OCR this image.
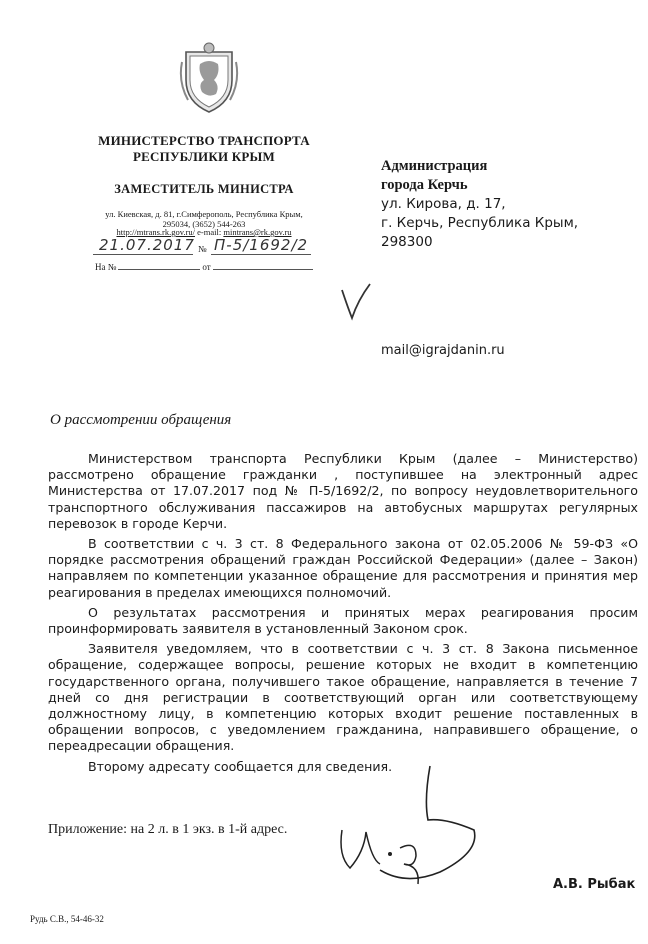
МИНИСТЕРСТВО ТРАНСПОРТА
РЕСПУБЛИКИ КРЫМ
ЗАМЕСТИТЕЛЬ МИНИСТРА
ул. Киевская, д. 81, г.Симферополь, Республика Крым,
295034, (3652) 544-263
http://mtrans.rk.gov.ru/ e-mail: mintrans@rk.gov.ru
21.07.2017 № П-5/1692/2
На №	от
Администрация
города Керчь
ул. Кирова, д. 17,
г. Керчь, Республика Крым,
298300
mail@igrajdanin.ru
О рассмотрении обращения

Министерством транспорта Республики Крым (далее – Министерство) рассмотрено обращение гражданки , поступившее на электронный адрес Министерства от 17.07.2017 под № П-5/1692/2, по вопросу неудовлетворительного транспортного обслуживания пассажиров на автобусных маршрутах регулярных перевозок в городе Керчи.

В соответствии с ч. 3 ст. 8 Федерального закона от 02.05.2006 № 59-ФЗ «О порядке рассмотрения обращений граждан Российской Федерации» (далее – Закон) направляем по компетенции указанное обращение для рассмотрения и принятия мер реагирования в пределах имеющихся полномочий.

О результатах рассмотрения и принятых мерах реагирования просим проинформировать заявителя в установленный Законом срок.

Заявителя уведомляем, что в соответствии с ч. 3 ст. 8 Закона письменное обращение, содержащее вопросы, решение которых не входит в компетенцию государственного органа, получившего такое обращение, направляется в течение 7 дней со дня регистрации в соответствующий орган или соответствующему должностному лицу, в компетенцию которых входит решение поставленных в обращении вопросов, с уведомлением гражданина, направившего обращение, о переадресации обращения.

Второму адресату сообщается для сведения.

Приложение: на 2 л. в 1 экз. в 1-й адрес.
А.В. Рыбак
Рудь С.В., 54-46-32
